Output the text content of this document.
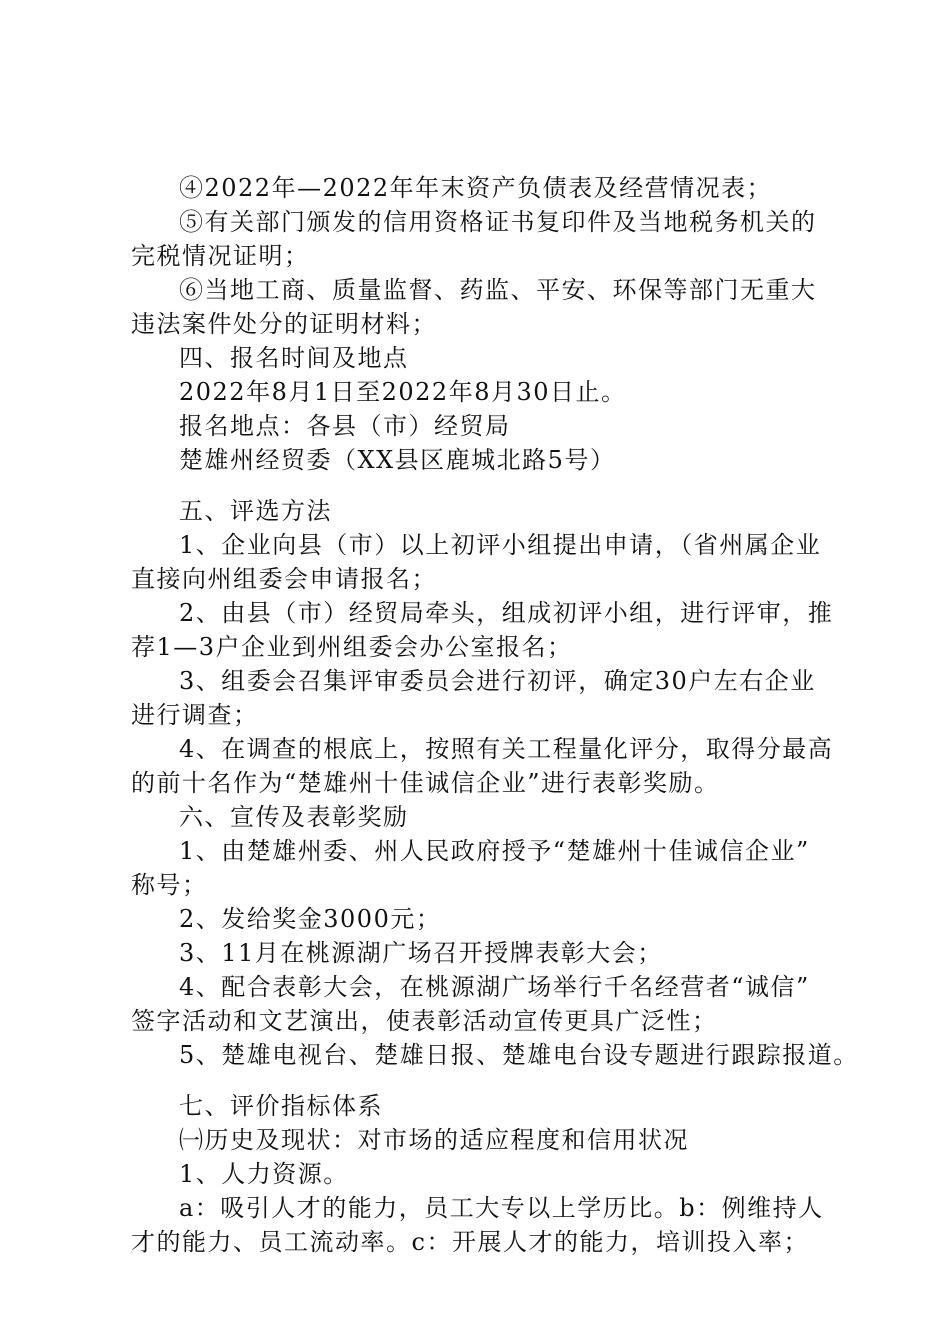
④2022年—2022年年末资产负债表及经营情况表；
⑤有关部门颁发的信用资格证书复印件及当地税务机关的
完税情况证明；
⑥当地工商、质量监督、药监、平安、环保等部门无重大
违法案件处分的证明材料；
四、报名时间及地点
2022年8月1日至2022年8月30日止。
报名地点：各县（市）经贸局
楚雄州经贸委（XX县区鹿城北路5号）
五、评选方法
1、企业向县（市）以上初评小组提出申请，（省州属企业
直接向州组委会申请报名；
2、由县（市）经贸局牵头，组成初评小组，进行评审，推
荐1—3户企业到州组委会办公室报名；
3、组委会召集评审委员会进行初评，确定30户左右企业
进行调查；
4、在调查的根底上，按照有关工程量化评分，取得分最高
的前十名作为“楚雄州十佳诚信企业”进行表彰奖励。
六、宣传及表彰奖励
1、由楚雄州委、州人民政府授予“楚雄州十佳诚信企业”
称号；
2、发给奖金3000元；
3、11月在桃源湖广场召开授牌表彰大会；
4、配合表彰大会，在桃源湖广场举行千名经营者“诚信”
签字活动和文艺演出，使表彰活动宣传更具广泛性；
5、楚雄电视台、楚雄日报、楚雄电台设专题进行跟踪报道。
七、评价指标体系
㈠历史及现状：对市场的适应程度和信用状况
1、人力资源。
a：吸引人才的能力，员工大专以上学历比。b：例维持人
才的能力、员工流动率。c：开展人才的能力，培训投入率；
